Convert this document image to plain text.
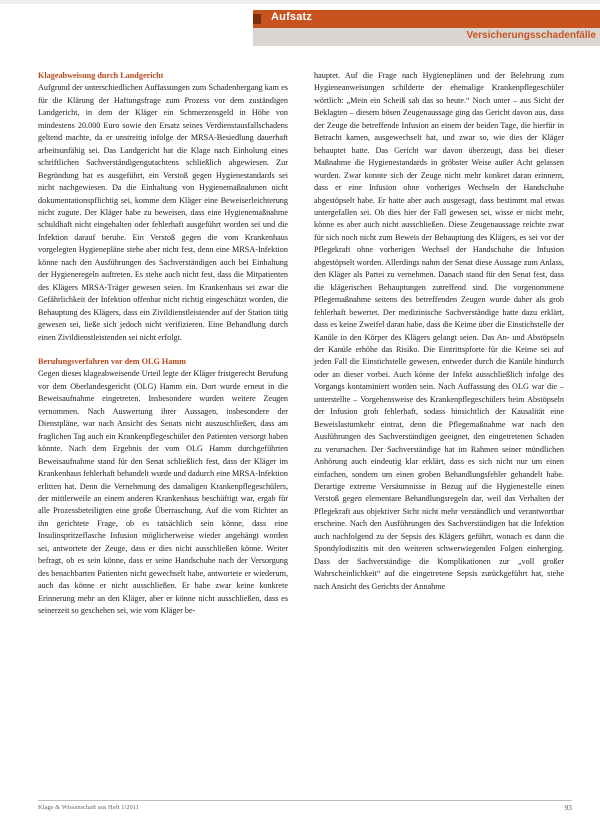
Aufsatz
Versicherungsschadenfälle
Klageabweisung durch Landgericht

Aufgrund der unterschiedlichen Auffassungen zum Schadenhergang kam es für die Klärung der Haftungsfrage zum Prozess vor dem zuständigen Landgericht, in dem der Kläger ein Schmerzensgeld in Höhe von mindestens 20.000 Euro sowie den Ersatz seines Verdienstausfallschadens geltend machte, da er unstreitig infolge der MRSA-Besiedlung dauerhaft arbeitsunfähig sei. Das Landgericht hat die Klage nach Einholung eines schriftlichen Sachverständigengutachtens schließlich abgewiesen. Zur Begründung hat es ausgeführt, ein Verstoß gegen Hygienestandards sei nicht nachgewiesen. Da die Einhaltung von Hygienemaßnahmen nicht dokumentationspflichtig sei, komme dem Kläger eine Beweiserleichterung nicht zugute. Der Kläger habe zu beweisen, dass eine Hygienemaßnahme schuldhaft nicht eingehalten oder fehlerhaft ausgeführt worden sei und die Infektion darauf beruhe. Ein Verstoß gegen die vom Krankenhaus vorgelegten Hygienepläne stehe aber nicht fest, denn eine MRSA-Infektion könne nach den Ausführungen des Sachverständigen auch bei Einhaltung der Hygieneregeln auftreten. Es stehe auch nicht fest, dass die Mitpatienten des Klägers MRSA-Träger gewesen seien. Im Krankenhaus sei zwar die Gefährlichkeit der Infektion offenbar nicht richtig eingeschätzt worden, die Behauptung des Klägers, dass ein Zivildienstleistender auf der Station tätig gewesen sei, ließe sich jedoch nicht verifizieren. Eine Behandlung durch einen Zivildienstleistenden sei nicht erfolgt.

Berufungsverfahren vor dem OLG Hamm

Gegen dieses klageabweisende Urteil legte der Kläger fristgerecht Berufung vor dem Oberlandesgericht (OLG) Hamm ein. Dort wurde erneut in die Beweisaufnahme eingetreten. Insbesondere wurden weitere Zeugen vernommen. Nach Auswertung ihrer Aussagen, insbesondere der Dienstpläne, war nach Ansicht des Senats nicht auszuschließen, dass am fraglichen Tag auch ein Krankenpflegeschüler den Patienten versorgt haben könnte. Nach dem Ergebnis der vom OLG Hamm durchgeführten Beweisaufnahme stand für den Senat schließlich fest, dass der Kläger im Krankenhaus fehlerhaft behandelt wurde und dadurch eine MRSA-Infektion erlitten hat. Denn die Vernehmung des damaligen Krankenpflegeschülers, der mittlerweile an einem anderen Krankenhaus beschäftigt war, ergab für alle Prozessbeteiligten eine große Überraschung. Auf die vom Richter an ihn gerichtete Frage, ob es tatsächlich sein könne, dass eine Insulinspritzeflasche Infusion möglicherweise wieder angehängt worden sei, antwortete der Zeuge, dass er dies nicht ausschließen könne. Weiter befragt, ob es sein könne, dass er seine Handschuhe nach der Versorgung des benachbarten Patienten nicht gewechselt habe, antwortete er wiederum, auch das könne er nicht ausschließen. Er habe zwar keine konkrete Erinnerung mehr an den Kläger, aber er könne nicht ausschließen, dass es seinerzeit so geschehen sei, wie vom Kläger be-

hauptet. Auf die Frage nach Hygieneplänen und der Belehrung zum Hygieneanweisungen schilderte der ehemalige Krankenpflegeschüler wörtlich: „Mein ein Scheiß sah das so heute.“ Noch unter – aus Sicht der Beklagten – diesem bösen Zeugenaussage ging das Gericht davon aus, dass der Zeuge die betreffende Infusion an einem der beiden Tage, die hierfür in Betracht kamen, ausgewechselt hat, und zwar so, wie dies der Kläger behauptet hatte. Das Gericht war davon überzeugt, dass bei dieser Maßnahme die Hygienestandards in gröbster Weise außer Acht gelassen wurden. Zwar konnte sich der Zeuge nicht mehr konkret daran erinnern, dass er eine Infusion ohne vorheriges Wechseln der Handschuhe abgestöpselt habe. Er hatte aber auch ausgesagt, dass bestimmt mal etwas untergefallen sei. Ob dies hier der Fall gewesen sei, wisse er nicht mehr, könne es aber auch nicht ausschließen. Diese Zeugenaussage reichte zwar für sich noch nicht zum Beweis der Behauptung des Klägers, es sei vor der Pflegekraft ohne vorherigen Wechsel der Handschuhe die Infusion abgestöpselt worden. Allerdings nahm der Senat diese Aussage zum Anlass, den Kläger als Partei zu vernehmen. Danach stand für den Senat fest, dass die klägerischen Behauptungen zutreffend sind. Die vorgenommene Pflegemaßnahme seitens des betreffenden Zeugen wurde daher als grob fehlerhaft bewertet. Der medizinische Sachverständige hatte dazu erklärt, dass es keine Zweifel daran habe, dass die Keime über die Einstichstelle der Kanüle in den Körper des Klägers gelangt seien. Das An- und Abstöpseln der Kanüle erhöhe das Risiko. Die Eintrittspforte für die Keime sei auf jeden Fall die Einstichstelle gewesen, entweder durch die Kanüle hindurch oder an dieser vorbei. Auch könne der Infekt ausschließlich infolge des Vorgangs kontaminiert worden sein. Nach Auffassung des OLG war die – unterstellte – Vorgehensweise des Krankenpflegeschülers beim Abstöpseln der Infusion grob fehlerhaft, sodass hinsichtlich der Kausalität eine Beweislastumkehr eintrat, denn die Pflegemaßnahme war nach den Ausführungen des Sachverständigen geeignet, den eingetretenen Schaden zu verursachen. Der Sachverständige hat im Rahmen seiner mündlichen Anhörung auch eindeutig klar erklärt, dass es sich nicht nur um einen einfachen, sondern um einen groben Behandlungsfehler gehandelt habe. Derartige extreme Versäumnisse in Bezug auf die Hygienestelle einen Verstoß gegen elementare Behandlungsregeln dar, weil das Verhalten der Pflegekraft aus objektiver Sicht nicht mehr verständlich und verantwortbar erscheine. Nach den Ausführungen des Sachverständigen hat die Infektion auch nachfolgend zu der Sepsis des Klägers geführt, wonach es dann die Spondylodiszitis mit den weiteren schwerwiegenden Folgen einherging. Dass der Sachverständige die Komplikationen zur „voll großer Wahrscheinlichkeit“ auf die eingetretene Sepsis zurückgeführt hat, stehe nach Ansicht des Gerichts der Annahme

Klage & Wissenschaft aus Heft 1/2011	93
